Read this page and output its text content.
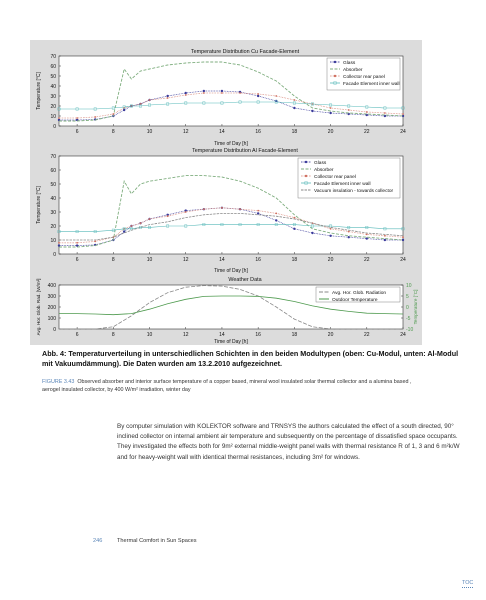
Temperature Distribution Cu Facade-Element
0
10
20
30
40
50
60
70
6	8	10	12	14	16	18	20	22	24
Temperature [°C]
Time of Day [h]
Glass
Absorber
Collector rear panel
Facade Element inner wall
Temperature Distribution Al Facade-Element
0
10
20
30
40
50
60
70
6	8	10	12	14	16	18	20	22	24
Temperature [°C]
Time of Day [h]
Glass
Absorber
Collector rear panel
Facade Element inner wall
Vacuum insulation - towards collector
Weather Data
0
100
200
300
400
-10
-5
0
5
10
6	8	10	12	14	16	18	20	22	24
Avg. Hor. Glob. Rad. [W/m²]	Temperature [°C]
Time of Day [h]
Avg. Hor. Glob. Radiation
Outdoor Temperature
Abb. 4: Temperaturverteilung in unterschiedlichen Schichten in den beiden Modultypen (oben: Cu-Modul, unten: Al-Modul mit Vakuumdämmung). Die Daten wurden am 13.2.2010 aufgezeichnet.
FIGURE 3.43 Observed absorber and interior surface temperature of a copper based, mineral wool insulated solar thermal collector and a alumina based , aerogel insulated collector, by 400 W/m² irradiation, winter day
By computer simulation with KOLEKTOR software and TRNSYS the authors calculated the effect of a south directed, 90° inclined collector on internal ambient air temperature and subsequently on the percentage of dissatisfied space occupants. They investigated the effects both for 9m² external middle-weight panel walls with thermal resistance R of 1, 3 and 6 m²k/W and for heavy-weight wall with identical thermal resistances, including 3m² for windows.
246	Thermal Comfort in Sun Spaces
TOC
